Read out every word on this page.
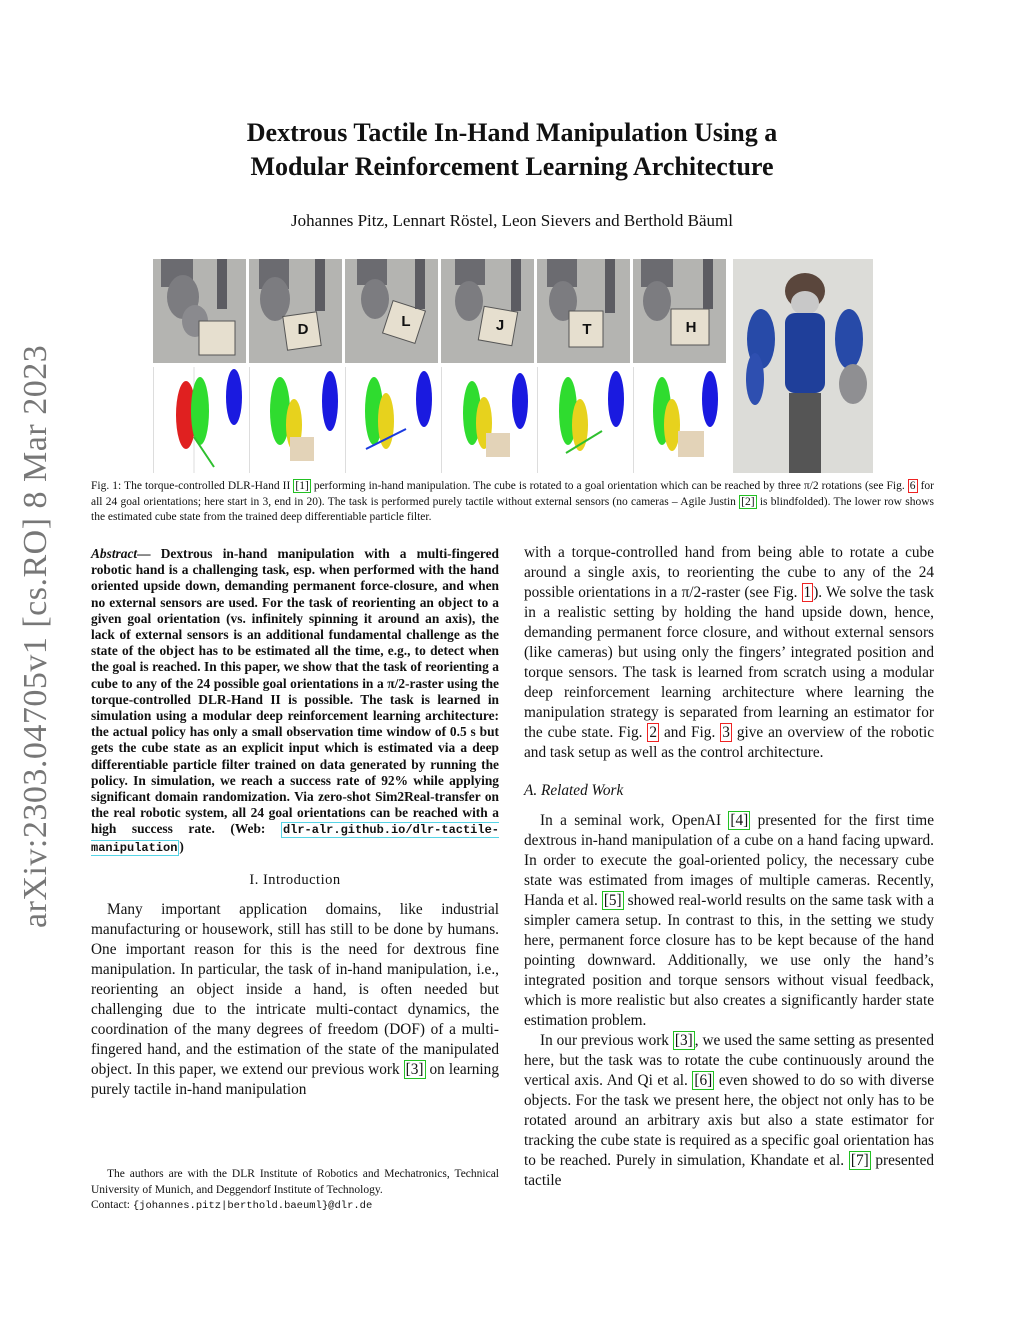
Dextrous Tactile In-Hand Manipulation Using a
Modular Reinforcement Learning Architecture
Johannes Pitz, Lennart Röstel, Leon Sievers and Berthold Bäuml
arXiv:2303.04705v1 [cs.RO] 8 Mar 2023
D	L	J	T	H
Fig. 1: The torque-controlled DLR-Hand II [1] performing in-hand manipulation. The cube is rotated to a goal orientation which can be reached by three π/2 rotations (see Fig. 6 for all 24 goal orientations; here start in 3, end in 20). The task is performed purely tactile without external sensors (no cameras – Agile Justin [2] is blindfolded). The lower row shows the estimated cube state from the trained deep differentiable particle filter.

Abstract— Dextrous in-hand manipulation with a multi-fingered robotic hand is a challenging task, esp. when performed with the hand oriented upside down, demanding permanent force-closure, and when no external sensors are used. For the task of reorienting an object to a given goal orientation (vs. infinitely spinning it around an axis), the lack of external sensors is an additional fundamental challenge as the state of the object has to be estimated all the time, e.g., to detect when the goal is reached. In this paper, we show that the task of reorienting a cube to any of the 24 possible goal orientations in a π/2-raster using the torque-controlled DLR-Hand II is possible. The task is learned in simulation using a modular deep reinforcement learning architecture: the actual policy has only a small observation time window of 0.5 s but gets the cube state as an explicit input which is estimated via a deep differentiable particle filter trained on data generated by running the policy. In simulation, we reach a success rate of 92% while applying significant domain randomization. Via zero-shot Sim2Real-transfer on the real robotic system, all 24 goal orientations can be reached with a high success rate. (Web: dlr-alr.github.io/dlr-tactile-manipulation )

I. Introduction

Many important application domains, like industrial manufacturing or housework, still has still to be done by humans. One important reason for this is the need for dextrous fine manipulation. In particular, the task of in-hand manipulation, i.e., reorienting an object inside a hand, is often needed but challenging due to the intricate multi-contact dynamics, the coordination of the many degrees of freedom (DOF) of a multi-fingered hand, and the estimation of the state of the manipulated object. In this paper, we extend our previous work [3] on learning purely tactile in-hand manipulation

The authors are with the DLR Institute of Robotics and Mechatronics, Technical University of Munich, and Deggendorf Institute of Technology.
Contact: {johannes.pitz|berthold.baeuml}@dlr.de

with a torque-controlled hand from being able to rotate a cube around a single axis, to reorienting the cube to any of the 24 possible orientations in a π/2-raster (see Fig. 1 ). We solve the task in a realistic setting by holding the hand upside down, hence, demanding permanent force closure, and without external sensors (like cameras) but using only the fingers’ integrated position and torque sensors. The task is learned from scratch using a modular deep reinforcement learning architecture where learning the manipulation strategy is separated from learning an estimator for the cube state. Fig. 2 and Fig. 3 give an overview of the robotic and task setup as well as the control architecture.

A. Related Work

In a seminal work, OpenAI [4] presented for the first time dextrous in-hand manipulation of a cube on a hand facing upward. In order to execute the goal-oriented policy, the necessary cube state was estimated from images of multiple cameras. Recently, Handa et al. [5] showed real-world results on the same task with a simpler camera setup. In contrast to this, in the setting we study here, permanent force closure has to be kept because of the hand pointing downward. Additionally, we use only the hand’s integrated position and torque sensors without visual feedback, which is more realistic but also creates a significantly harder state estimation problem.

In our previous work [3] , we used the same setting as presented here, but the task was to rotate the cube continuously around the vertical axis. And Qi et al. [6] even showed to do so with diverse objects. For the task we present here, the object not only has to be rotated around an arbitrary axis but also a state estimator for tracking the cube state is required as a specific goal orientation has to be reached. Purely in simulation, Khandate et al. [7] presented tactile
